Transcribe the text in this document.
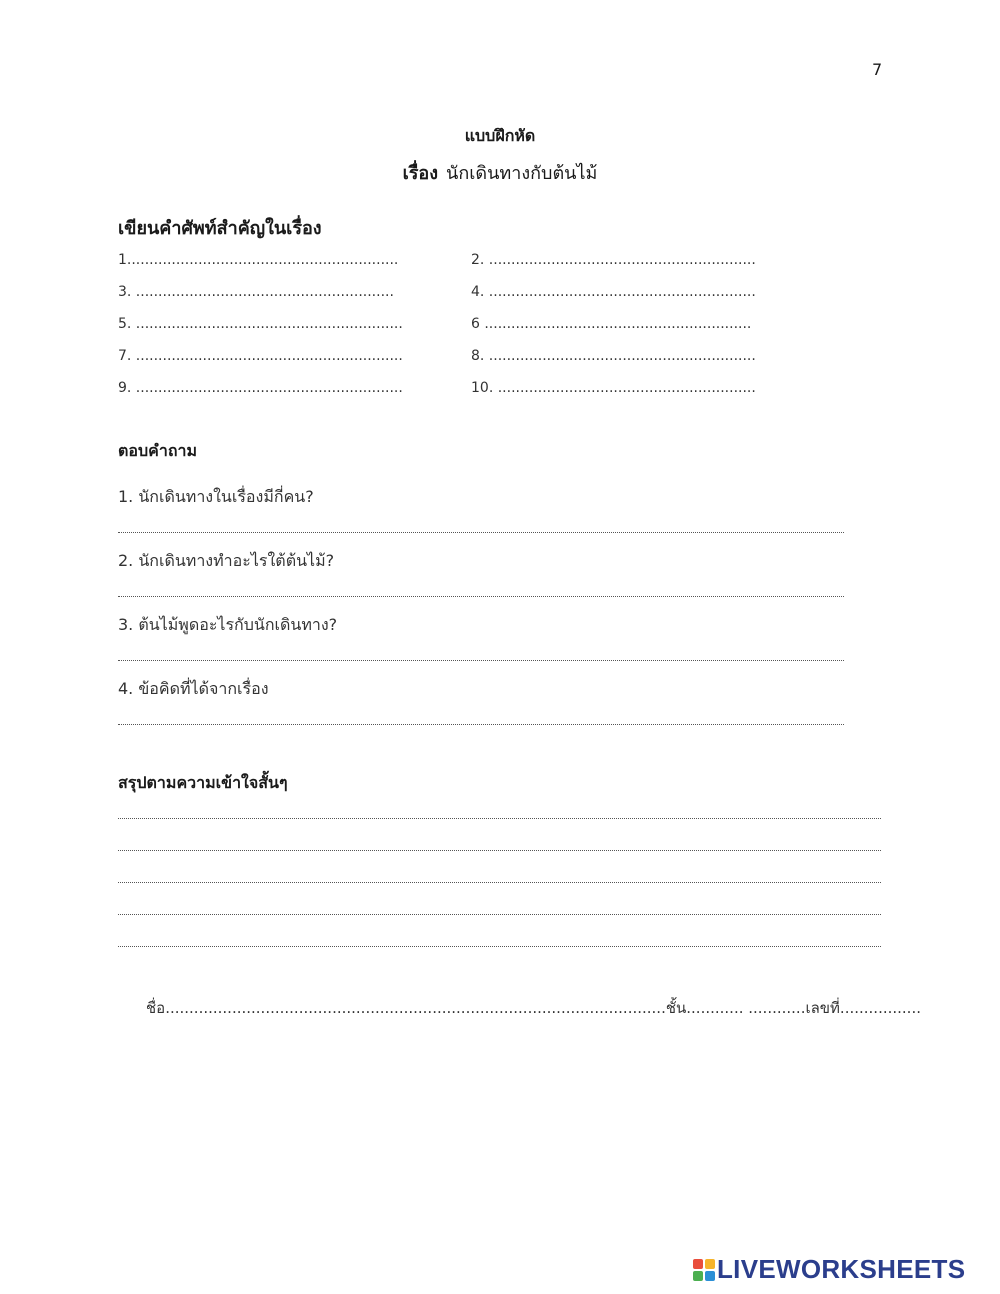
7
แบบฝึกหัด
เรื่อง นักเดินทางกับต้นไม้
เขียนคำศัพท์สำคัญในเรื่อง
1.............................................................	2. ............................................................
3. ..........................................................	4. ............................................................
5. ............................................................	6 ............................................................
7. ............................................................	8. ............................................................
9. ............................................................	10. ..........................................................
ตอบคำถาม
1. นักเดินทางในเรื่องมีกี่คน?
2. นักเดินทางทำอะไรใต้ต้นไม้?
3. ต้นไม้พูดอะไรกับนักเดินทาง?
4. ข้อคิดที่ได้จากเรื่อง
สรุปตามความเข้าใจสั้นๆ
ชื่อ.........................................................................................................ชั้น............ ............เลขที่.................
LIVEWORKSHEETS
